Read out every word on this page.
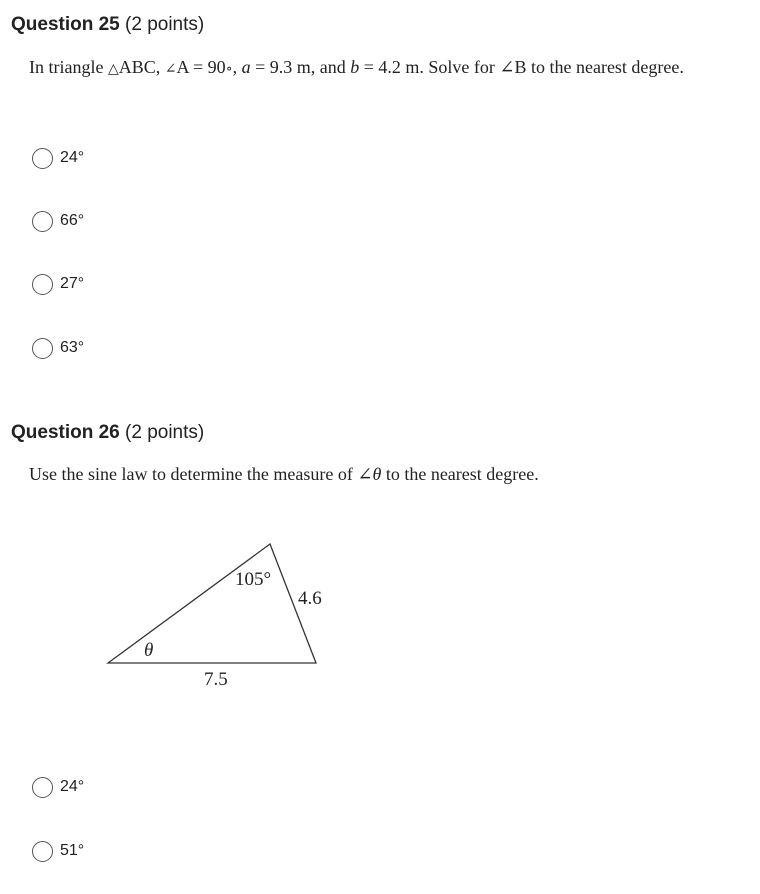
Question 25 (2 points)
In triangle △ABC, ∠A = 90∘, a = 9.3 m, and b = 4.2 m. Solve for ∠B to the nearest degree.
24°
66°
27°
63°
Question 26 (2 points)
Use the sine law to determine the measure of ∠θ to the nearest degree.
105°
4.6
θ
7.5
24°
51°
